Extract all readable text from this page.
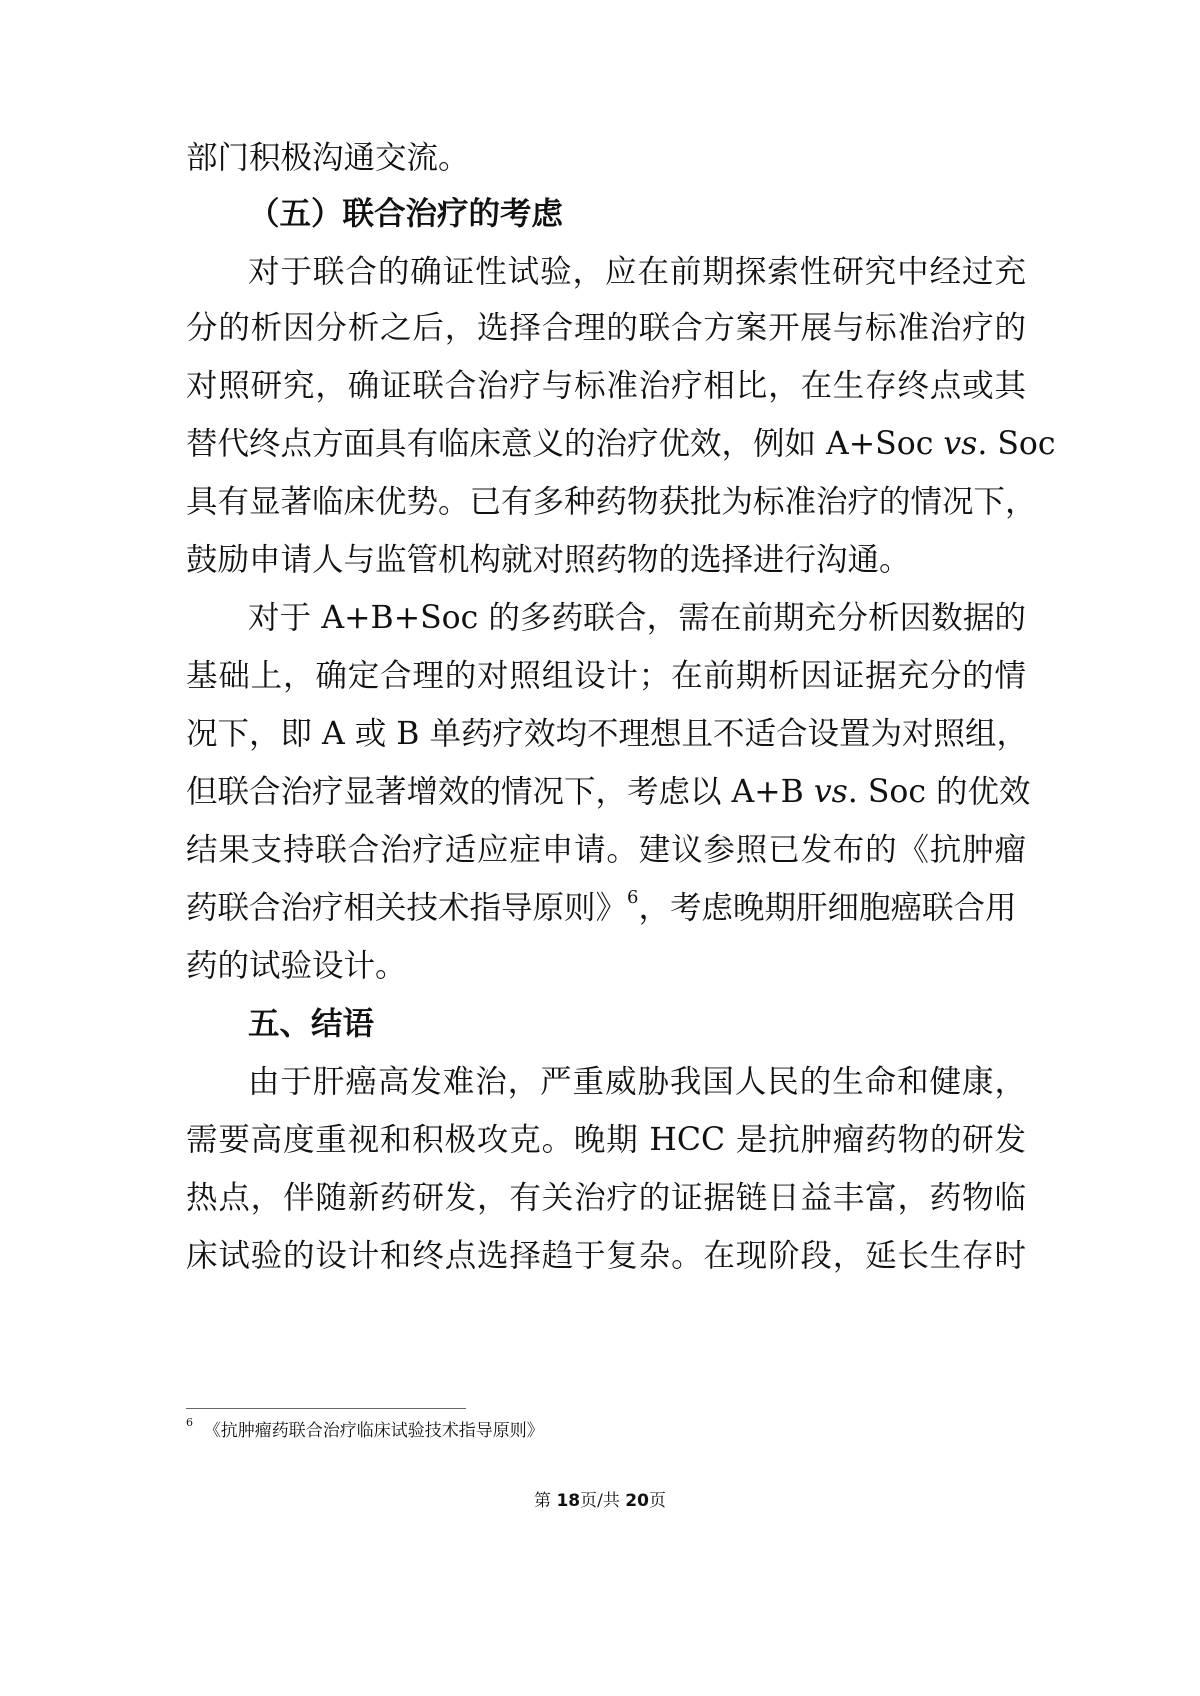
部门积极沟通交流。
（五）联合治疗的考虑
对于联合的确证性试验，应在前期探索性研究中经过充
分的析因分析之后，选择合理的联合方案开展与标准治疗的
对照研究，确证联合治疗与标准治疗相比，在生存终点或其
替代终点方面具有临床意义的治疗优效，例如 A+Soc vs. Soc
具有显著临床优势。已有多种药物获批为标准治疗的情况下，
鼓励申请人与监管机构就对照药物的选择进行沟通。
对于 A+B+Soc 的多药联合，需在前期充分析因数据的
基础上，确定合理的对照组设计；在前期析因证据充分的情
况下，即 A 或 B 单药疗效均不理想且不适合设置为对照组，
但联合治疗显著增效的情况下，考虑以 A+B vs. Soc 的优效
结果支持联合治疗适应症申请。建议参照已发布的《抗肿瘤
药联合治疗相关技术指导原则》$^6$，考虑晚期肝细胞癌联合用
药的试验设计。
五、结语
由于肝癌高发难治，严重威胁我国人民的生命和健康，
需要高度重视和积极攻克。晚期 HCC 是抗肿瘤药物的研发
热点，伴随新药研发，有关治疗的证据链日益丰富，药物临
床试验的设计和终点选择趋于复杂。在现阶段，延长生存时
$^6$ 《抗肿瘤药联合治疗临床试验技术指导原则》
第 18页/共 20页
